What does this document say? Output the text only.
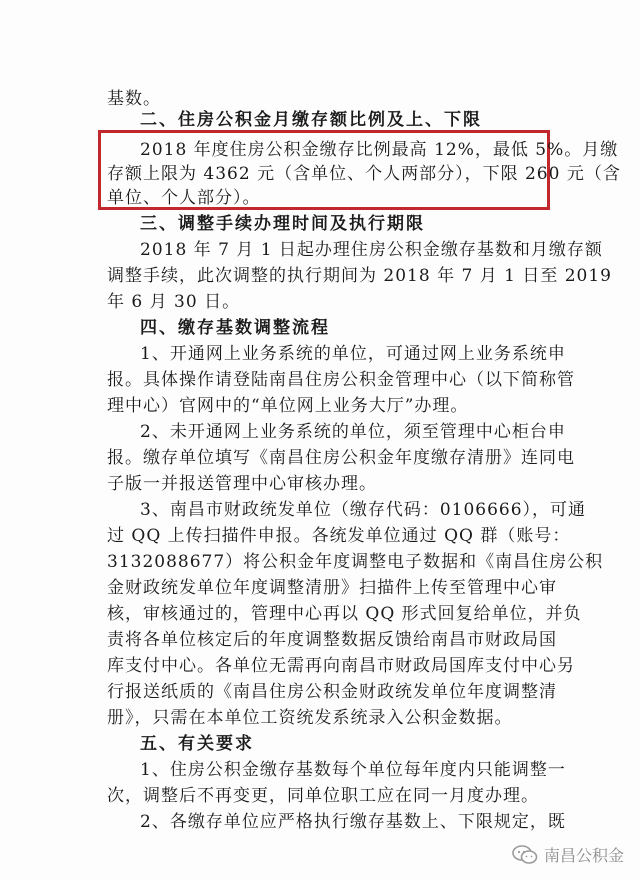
基数。
二、住房公积金月缴存额比例及上、下限
2018 年度住房公积金缴存比例最高 12%，最低 5%。月缴
存额上限为 4362 元（含单位、个人两部分），下限 260 元（含
单位、个人部分）。
三、调整手续办理时间及执行期限
2018 年 7 月 1 日起办理住房公积金缴存基数和月缴存额
调整手续，此次调整的执行期间为 2018 年 7 月 1 日至 2019
年 6 月 30 日。
四、缴存基数调整流程
1、开通网上业务系统的单位，可通过网上业务系统申
报。具体操作请登陆南昌住房公积金管理中心（以下简称管
理中心）官网中的“单位网上业务大厅”办理。
2、未开通网上业务系统的单位，须至管理中心柜台申
报。缴存单位填写《南昌住房公积金年度缴存清册》连同电
子版一并报送管理中心审核办理。
3、南昌市财政统发单位（缴存代码：0106666），可通
过 QQ 上传扫描件申报。各统发单位通过 QQ 群（账号：
3132088677）将公积金年度调整电子数据和《南昌住房公积
金财政统发单位年度调整清册》扫描件上传至管理中心审
核，审核通过的，管理中心再以 QQ 形式回复给单位，并负
责将各单位核定后的年度调整数据反馈给南昌市财政局国
库支付中心。各单位无需再向南昌市财政局国库支付中心另
行报送纸质的《南昌住房公积金财政统发单位年度调整清
册》，只需在本单位工资统发系统录入公积金数据。
五、有关要求
1、住房公积金缴存基数每个单位每年度内只能调整一
次，调整后不再变更，同单位职工应在同一月度办理。
2、各缴存单位应严格执行缴存基数上、下限规定，既
南昌公积金
